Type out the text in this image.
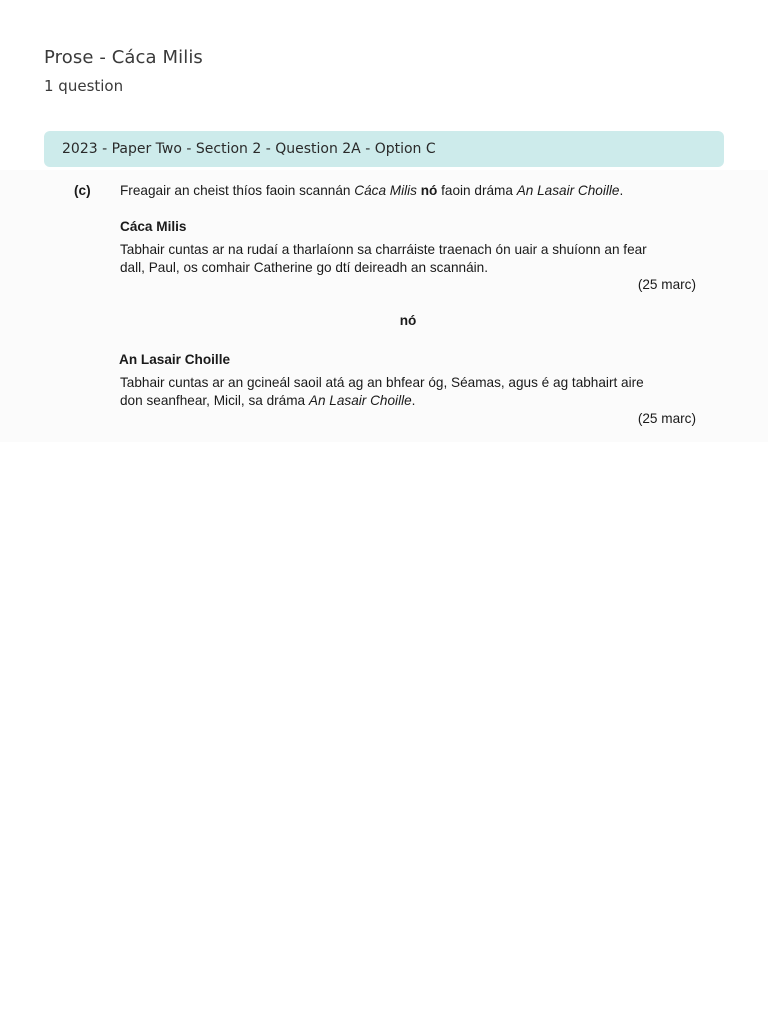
Prose - Cáca Milis
1 question
2023 - Paper Two - Section 2 - Question 2A - Option C
(c) Freagair an cheist thíos faoin scannán Cáca Milis nó faoin dráma An Lasair Choille.
Cáca Milis
Tabhair cuntas ar na rudaí a tharlaíonn sa charráiste traenach ón uair a shuíonn an fear
dall, Paul, os comhair Catherine go dtí deireadh an scannáin.
(25 marc)
nó
An Lasair Choille
Tabhair cuntas ar an gcineál saoil atá ag an bhfear óg, Séamas, agus é ag tabhairt aire
don seanfhear, Micil, sa dráma An Lasair Choille.
(25 marc)
